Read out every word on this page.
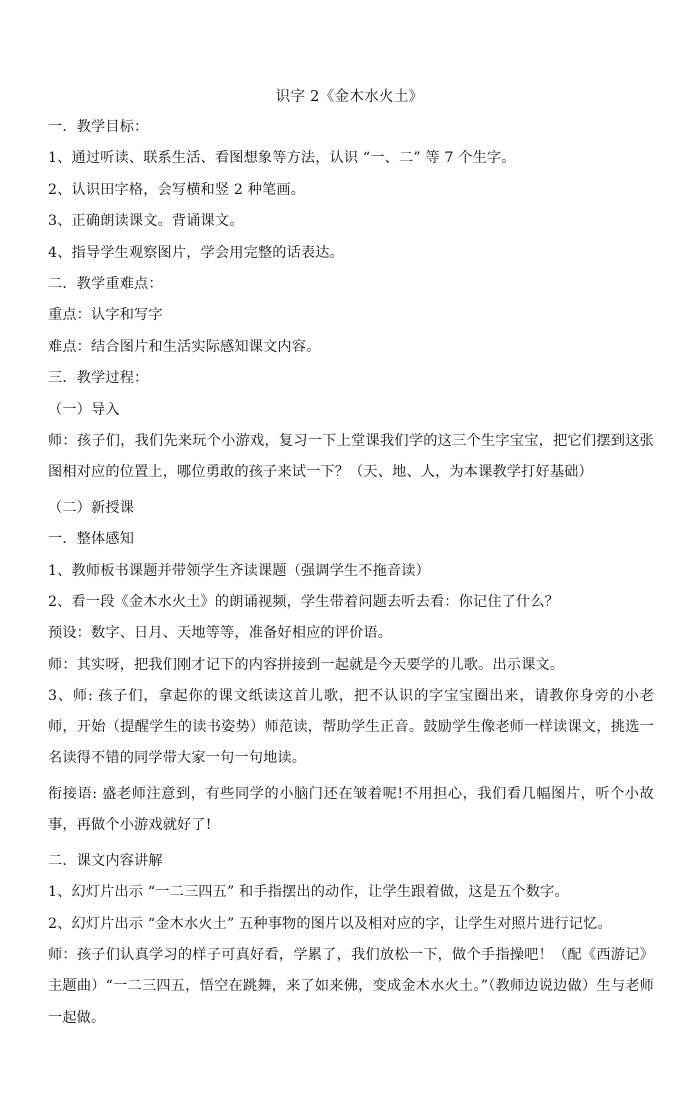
识字 2《金木水火土》

一．教学目标：

1、通过听读、联系生活、看图想象等方法，认识 “一、二” 等 7 个生字。

2、认识田字格，会写横和竖 2 种笔画。

3、正确朗读课文。背诵课文。

4、指导学生观察图片，学会用完整的话表达。

二．教学重难点：

重点：认字和写字

难点：结合图片和生活实际感知课文内容。

三．教学过程：

（一）导入

师：孩子们，我们先来玩个小游戏，复习一下上堂课我们学的这三个生字宝宝，把它们摆到这张图相对应的位置上，哪位勇敢的孩子来试一下？（天、地、人，为本课教学打好基础）

（二）新授课

一．整体感知

1、教师板书课题并带领学生齐读课题（强调学生不拖音读）

2、看一段《金木水火土》的朗诵视频，学生带着问题去听去看：你记住了什么？

预设：数字、日月、天地等等，准备好相应的评价语。

师：其实呀，把我们刚才记下的内容拼接到一起就是今天要学的儿歌。出示课文。

3、师: 孩子们，拿起你的课文纸读这首儿歌，把不认识的字宝宝圈出来，请教你身旁的小老师，开始（提醒学生的读书姿势）师范读，帮助学生正音。鼓励学生像老师一样读课文，挑选一名读得不错的同学带大家一句一句地读。

衔接语: 盛老师注意到，有些同学的小脑门还在皱着呢!不用担心，我们看几幅图片，听个小故事，再做个小游戏就好了!

二．课文内容讲解

1、幻灯片出示 “一二三四五” 和手指摆出的动作，让学生跟着做，这是五个数字。

2、幻灯片出示 “金木水火土” 五种事物的图片以及相对应的字，让学生对照片进行记忆。

师：孩子们认真学习的样子可真好看，学累了，我们放松一下，做个手指操吧！（配《西游记》主题曲）“一二三四五，悟空在跳舞，来了如来佛，变成金木水火土。”（教师边说边做）生与老师一起做。
